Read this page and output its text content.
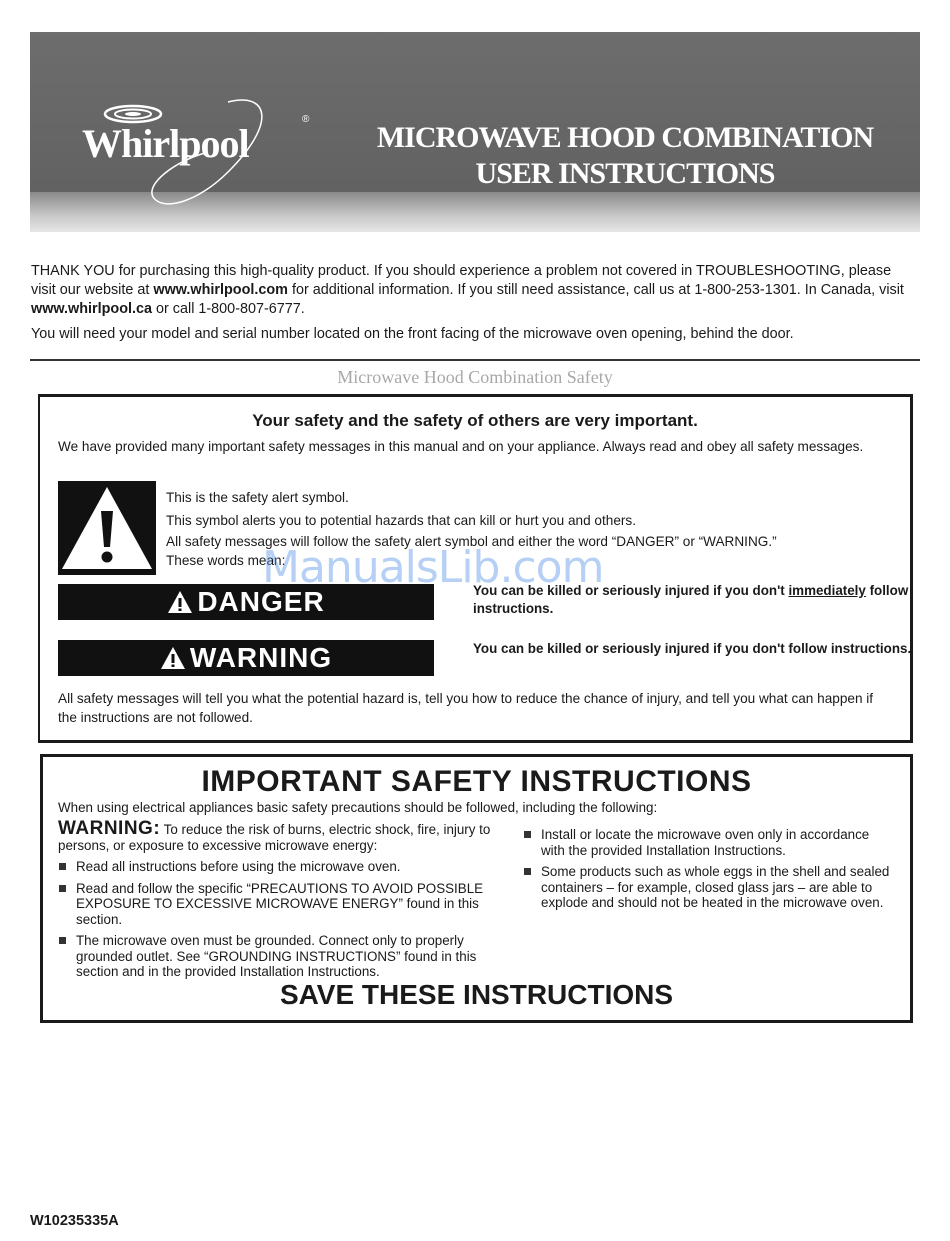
Whirlpool
®
MICROWAVE HOOD COMBINATION
USER INSTRUCTIONS

THANK YOU for purchasing this high-quality product. If you should experience a problem not covered in TROUBLESHOOTING, please visit our website at www.whirlpool.com for additional information. If you still need assistance, call us at 1-800-253-1301. In Canada, visit www.whirlpool.ca or call 1-800-807-6777.

You will need your model and serial number located on the front facing of the microwave oven opening, behind the door.

Microwave Hood Combination Safety
Your safety and the safety of others are very important.
We have provided many important safety messages in this manual and on your appliance. Always read and obey all safety messages.
This is the safety alert symbol.
This symbol alerts you to potential hazards that can kill or hurt you and others.
All safety messages will follow the safety alert symbol and either the word “DANGER” or “WARNING.”
These words mean:
DANGER	You can be killed or seriously injured if you don't immediately follow instructions.
WARNING	You can be killed or seriously injured if you don't follow instructions.
All safety messages will tell you what the potential hazard is, tell you how to reduce the chance of injury, and tell you what can happen if the instructions are not followed.
ManualsLib.com
IMPORTANT SAFETY INSTRUCTIONS
When using electrical appliances basic safety precautions should be followed, including the following:
WARNING: To reduce the risk of burns, electric shock, fire, injury to persons, or exposure to excessive microwave energy:
Read all instructions before using the microwave oven.
Read and follow the specific “PRECAUTIONS TO AVOID POSSIBLE EXPOSURE TO EXCESSIVE MICROWAVE ENERGY” found in this section.
The microwave oven must be grounded. Connect only to properly grounded outlet. See “GROUNDING INSTRUCTIONS” found in this section and in the provided Installation Instructions.
Install or locate the microwave oven only in accordance with the provided Installation Instructions.
Some products such as whole eggs in the shell and sealed containers – for example, closed glass jars – are able to explode and should not be heated in the microwave oven.
SAVE THESE INSTRUCTIONS
W10235335A
